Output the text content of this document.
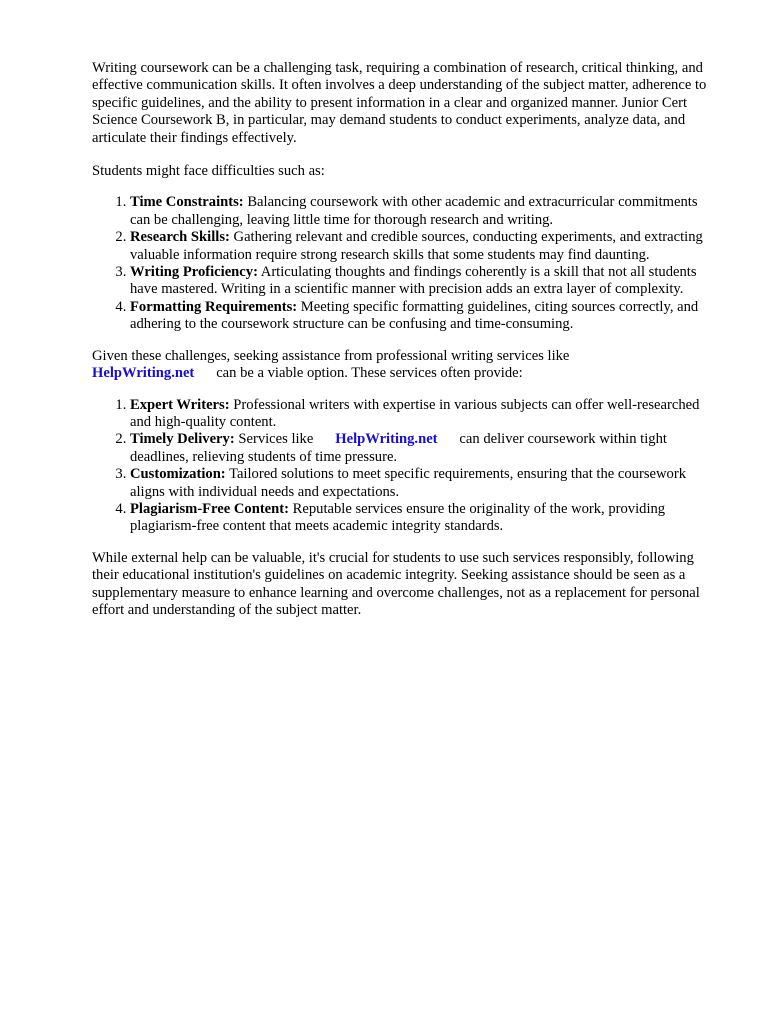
Writing coursework can be a challenging task, requiring a combination of research, critical thinking, and effective communication skills. It often involves a deep understanding of the subject matter, adherence to specific guidelines, and the ability to present information in a clear and organized manner. Junior Cert Science Coursework B, in particular, may demand students to conduct experiments, analyze data, and articulate their findings effectively.

Students might face difficulties such as:

1. Time Constraints: Balancing coursework with other academic and extracurricular commitments can be challenging, leaving little time for thorough research and writing.
2. Research Skills: Gathering relevant and credible sources, conducting experiments, and extracting valuable information require strong research skills that some students may find daunting.
3. Writing Proficiency: Articulating thoughts and findings coherently is a skill that not all students have mastered. Writing in a scientific manner with precision adds an extra layer of complexity.
4. Formatting Requirements: Meeting specific formatting guidelines, citing sources correctly, and adhering to the coursework structure can be confusing and time-consuming.

Given these challenges, seeking assistance from professional writing services like
HelpWriting.net can be a viable option. These services often provide:

1. Expert Writers: Professional writers with expertise in various subjects can offer well-researched and high-quality content.
2. Timely Delivery: Services like HelpWriting.net can deliver coursework within tight deadlines, relieving students of time pressure.
3. Customization: Tailored solutions to meet specific requirements, ensuring that the coursework aligns with individual needs and expectations.
4. Plagiarism-Free Content: Reputable services ensure the originality of the work, providing plagiarism-free content that meets academic integrity standards.

While external help can be valuable, it's crucial for students to use such services responsibly, following their educational institution's guidelines on academic integrity. Seeking assistance should be seen as a supplementary measure to enhance learning and overcome challenges, not as a replacement for personal effort and understanding of the subject matter.
